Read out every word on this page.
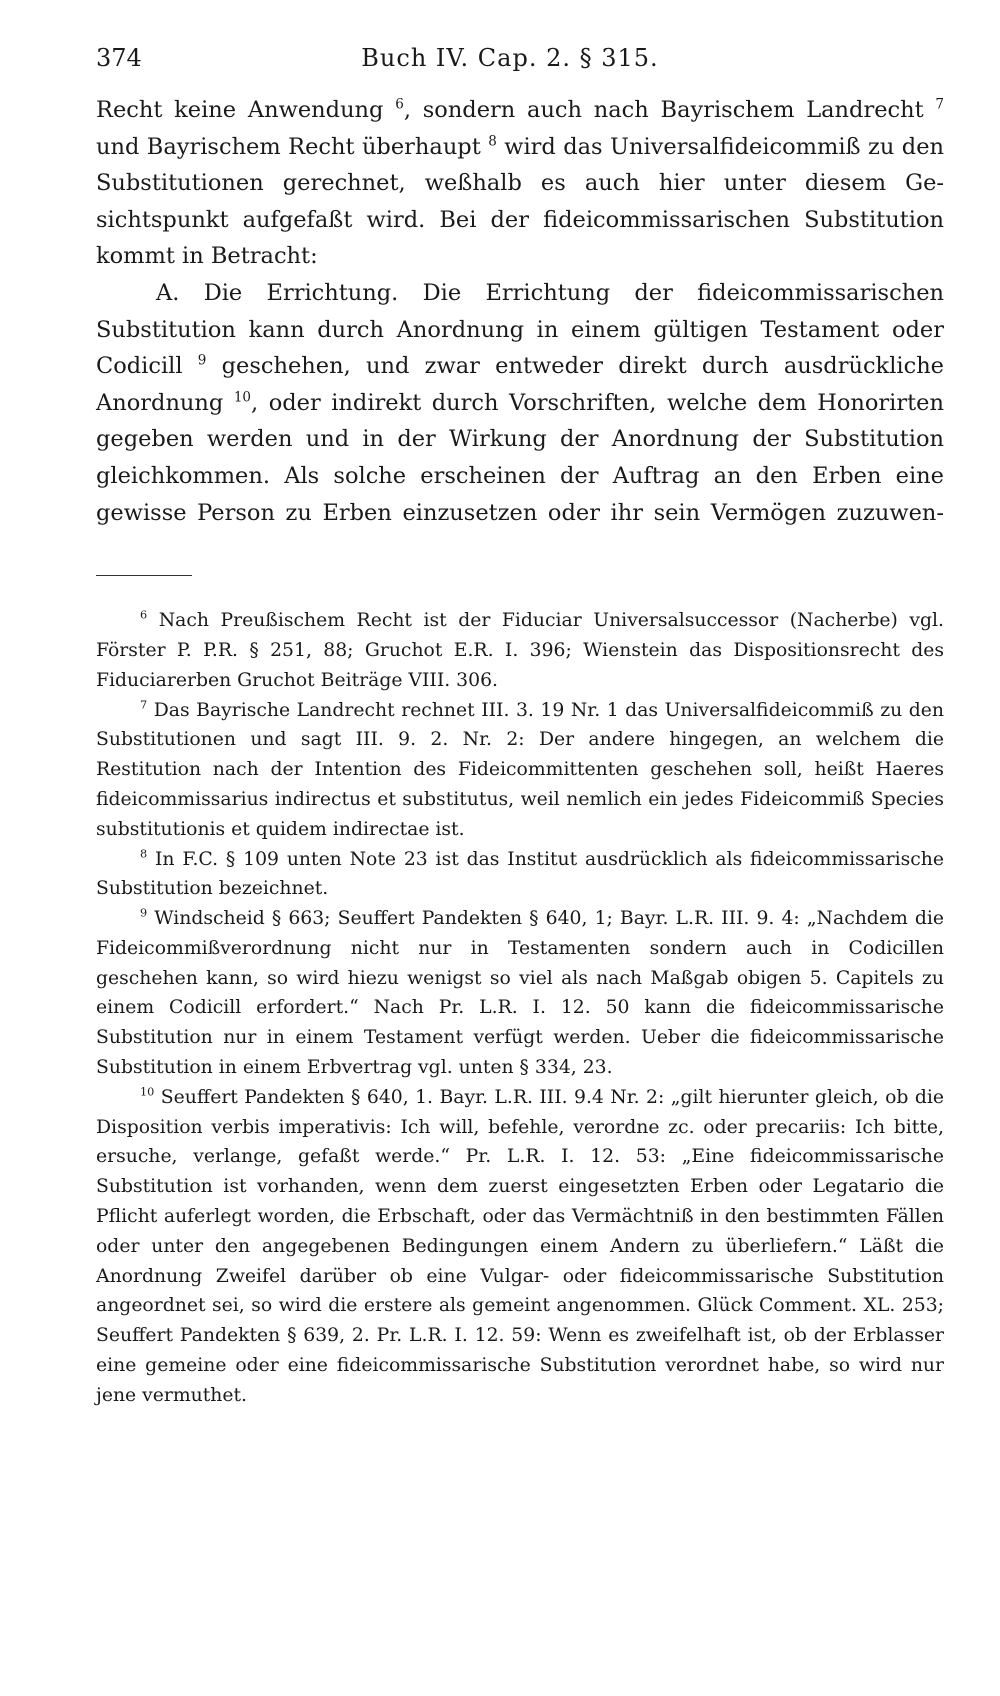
374	Buch IV. Cap. 2. § 315.

Recht keine Anwendung $^6$, sondern auch nach Bayrischem Landrecht $^7$ und Bayrischem Recht überhaupt $^8$ wird das Universalfideicommiß zu den Substitutionen gerechnet, weßhalb es auch hier unter diesem Ge- sichtspunkt aufgefaßt wird. Bei der fideicommissarischen Substitution

kommt in Betracht:

A. Die Errichtung. Die Errichtung der fideicommissarischen Substitution kann durch Anordnung in einem gültigen Testament oder Codicill $^9$ geschehen, und zwar entweder direkt durch ausdrückliche Anordnung $^{10}$, oder indirekt durch Vorschriften, welche dem Honorirten gegeben werden und in der Wirkung der Anordnung der Substitution gleichkommen. Als solche erscheinen der Auftrag an den Erben eine gewisse Person zu Erben einzusetzen oder ihr sein Vermögen zuzuwen-

$^6$ Nach Preußischem Recht ist der Fiduciar Universalsuccessor (Nacherbe) vgl. Förster P. P.R. § 251, 88; Gruchot E.R. I. 396; Wienstein das Dispositionsrecht des Fiduciarerben Gruchot Beiträge VIII. 306.

$^7$ Das Bayrische Landrecht rechnet III. 3. 19 Nr. 1 das Universalfideicommiß zu den Substitutionen und sagt III. 9. 2. Nr. 2: Der andere hingegen, an welchem die Restitution nach der Intention des Fideicommittenten geschehen soll, heißt Haeres fideicommissarius indirectus et substitutus, weil nemlich ein jedes Fideicommiß Species substitutionis et quidem indirectae ist.

$^8$ In F.C. § 109 unten Note 23 ist das Institut ausdrücklich als fideicommissarische Substitution bezeichnet.

$^9$ Windscheid § 663; Seuffert Pandekten § 640, 1; Bayr. L.R. III. 9. 4: „Nachdem die Fideicommißverordnung nicht nur in Testamenten sondern auch in Codicillen geschehen kann, so wird hiezu wenigst so viel als nach Maßgab obigen 5. Capitels zu einem Codicill erfordert.“ Nach Pr. L.R. I. 12. 50 kann die fideicommissarische Substitution nur in einem Testament verfügt werden. Ueber die fideicommissarische Substitution in einem Erbvertrag vgl. unten § 334, 23.

$^{10}$ Seuffert Pandekten § 640, 1. Bayr. L.R. III. 9.4 Nr. 2: „gilt hierunter gleich, ob die Disposition verbis imperativis: Ich will, befehle, verordne zc. oder precariis: Ich bitte, ersuche, verlange, gefaßt werde.“ Pr. L.R. I. 12. 53: „Eine fideicommissarische Substitution ist vorhanden, wenn dem zuerst eingesetzten Erben oder Legatario die Pflicht auferlegt worden, die Erbschaft, oder das Vermächtniß in den bestimmten Fällen oder unter den angegebenen Bedingungen einem Andern zu überliefern.“ Läßt die Anordnung Zweifel darüber ob eine Vulgar- oder fideicommissarische Substitution angeordnet sei, so wird die erstere als gemeint angenommen. Glück Comment. XL. 253; Seuffert Pandekten § 639, 2. Pr. L.R. I. 12. 59: Wenn es zweifelhaft ist, ob der Erblasser eine gemeine oder eine fideicommissarische Substitution verordnet habe, so wird nur jene vermuthet.
